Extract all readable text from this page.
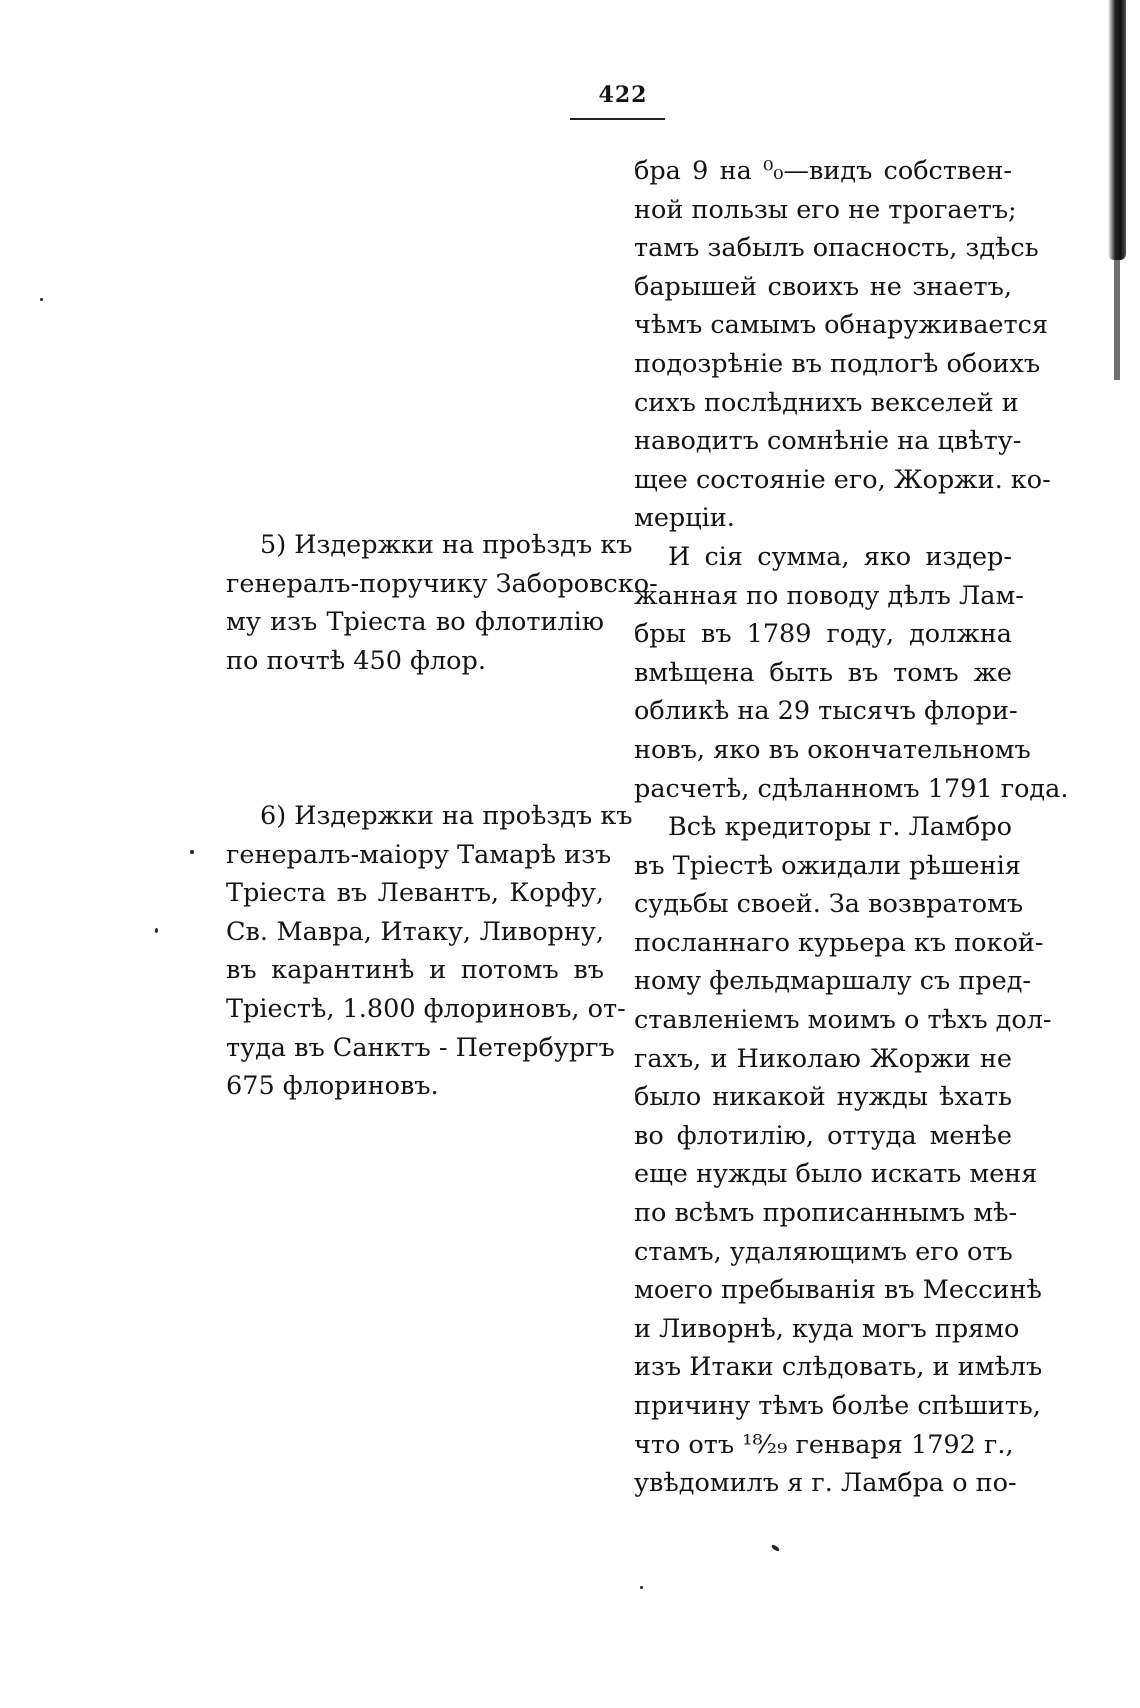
422
5) Издержки на проѣздъ къ
генералъ-поручику Заборовско-
му изъ Тріеста во флотилію
по почтѣ 450 флор.
6) Издержки на проѣздъ къ
генералъ-маіору Тамарѣ изъ
Тріеста въ Левантъ, Корфу,
Св. Мавра, Итаку, Ливорну,
въ карантинѣ и потомъ въ
Тріестѣ, 1.800 флориновъ, от-
туда въ Санктъ - Петербургъ
675 флориновъ.
бра 9 на ⁰₀—видъ собствен-
ной пользы его не трогаетъ;
тамъ забылъ опасность, здѣсь
барышей своихъ не знаетъ,
чѣмъ самымъ обнаруживается
подозрѣніе въ подлогѣ обоихъ
сихъ послѣднихъ векселей и
наводитъ сомнѣніе на цвѣту-
щее состояніе его, Жоржи. ко-
мерціи.
И сія сумма, яко издер-
жанная по поводу дѣлъ Лам-
бры въ 1789 году, должна
вмѣщена быть въ томъ же
обликѣ на 29 тысячъ флори-
новъ, яко въ окончательномъ
расчетѣ, сдѣланномъ 1791 года.
Всѣ кредиторы г. Ламбро
въ Тріестѣ ожидали рѣшенія
судьбы своей. За возвратомъ
посланнаго курьера къ покой-
ному фельдмаршалу съ пред-
ставленіемъ моимъ о тѣхъ дол-
гахъ, и Николаю Жоржи не
было никакой нужды ѣхать
во флотилію, оттуда менѣе
еще нужды было искать меня
по всѣмъ прописаннымъ мѣ-
стамъ, удаляющимъ его отъ
моего пребыванія въ Мессинѣ
и Ливорнѣ, куда могъ прямо
изъ Итаки слѣдовать, и имѣлъ
причину тѣмъ болѣе спѣшить,
что отъ ¹⁸⁄₂₉ генваря 1792 г.,
увѣдомилъ я г. Ламбра о по-
